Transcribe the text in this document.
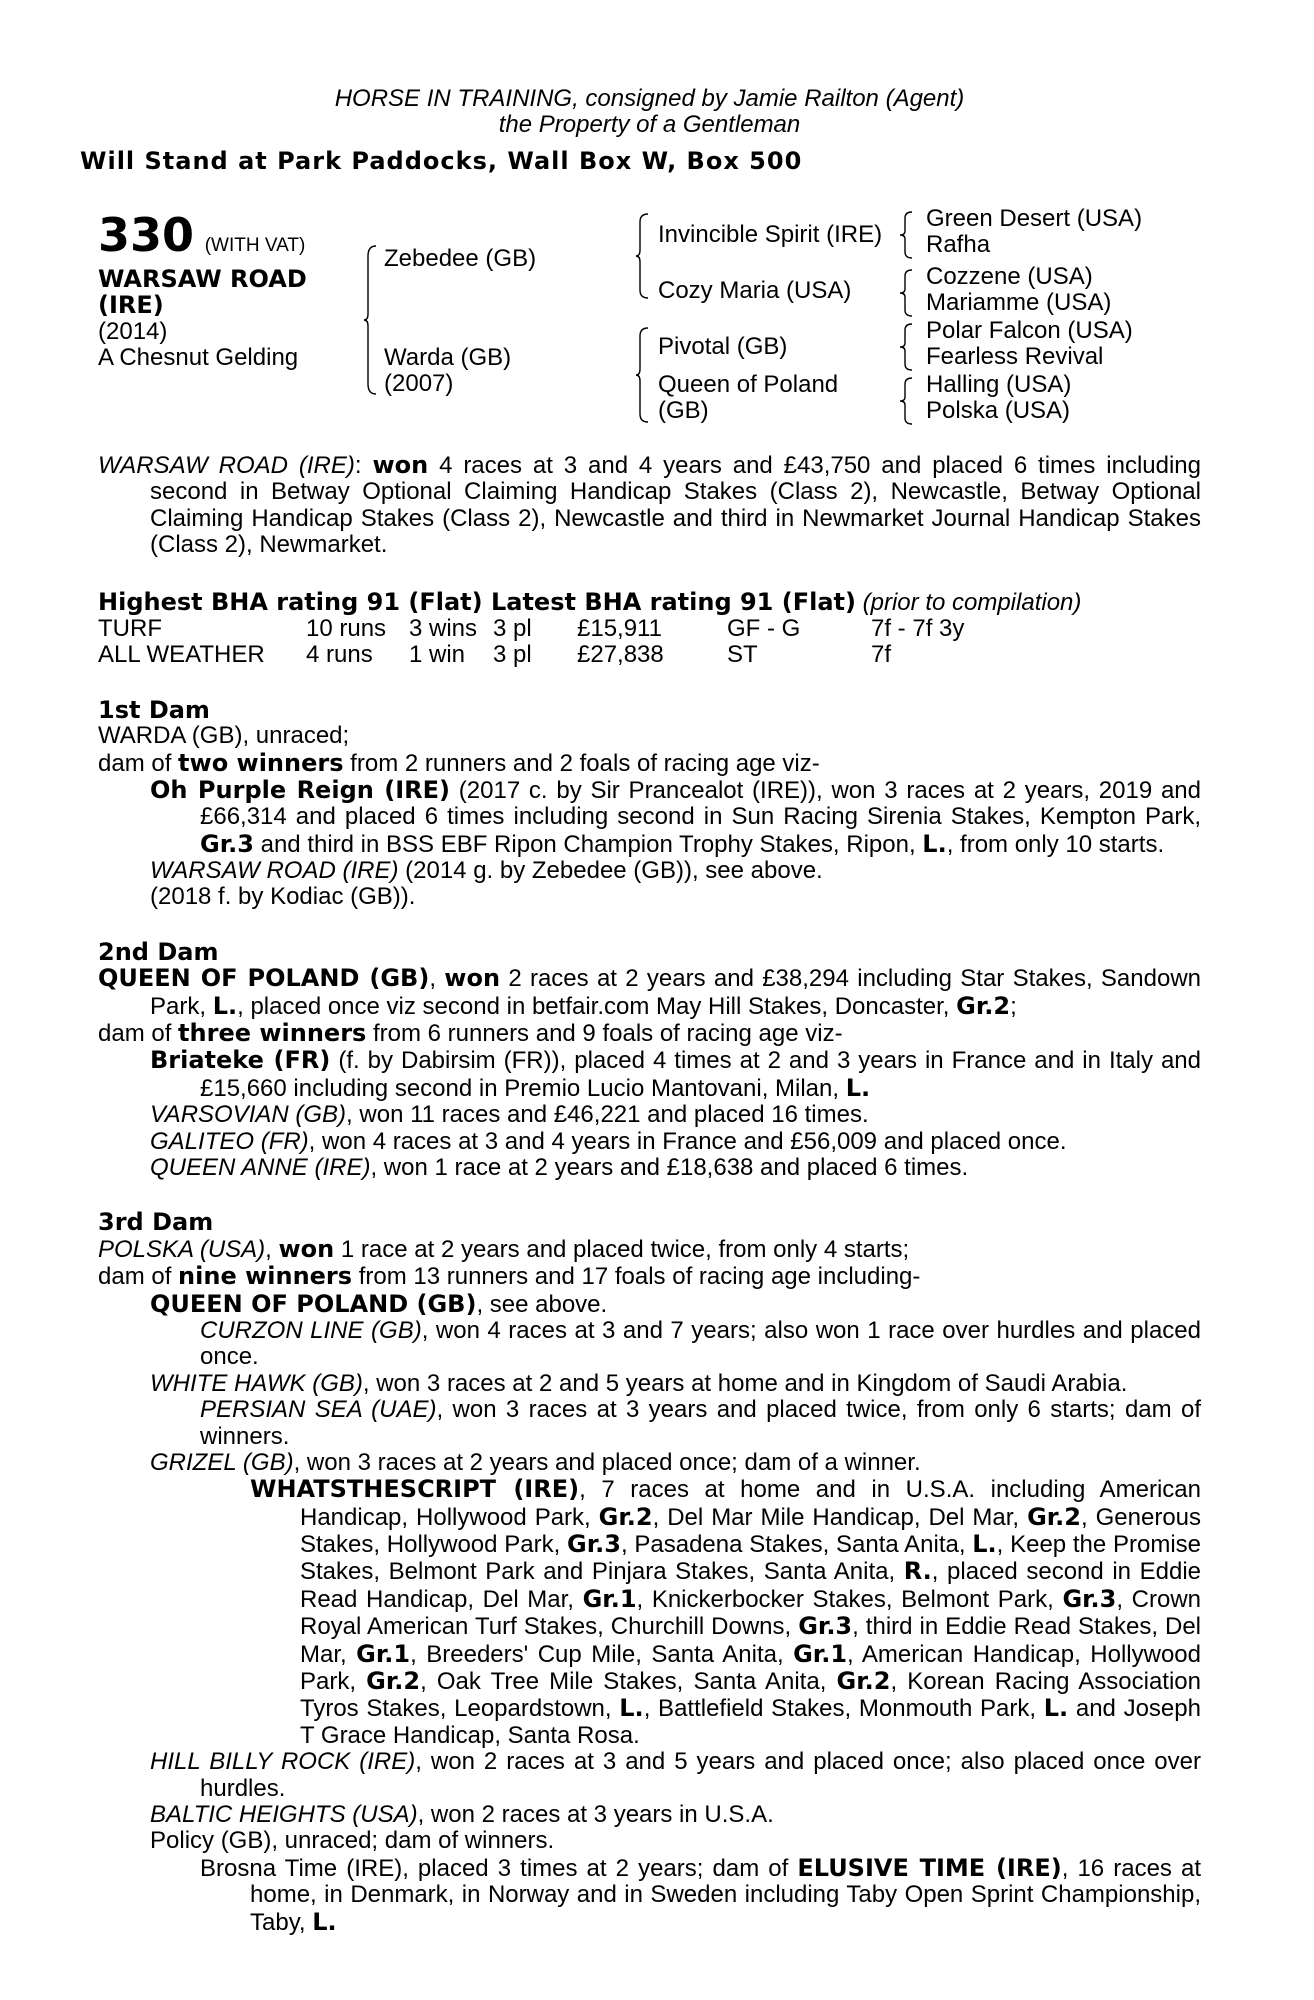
HORSE IN TRAINING, consigned by Jamie Railton (Agent)
the Property of a Gentleman
Will Stand at Park Paddocks, Wall Box W, Box 500
330 (WITH VAT)
WARSAW ROAD
(IRE)
(2014)
A Chesnut Gelding
Zebedee (GB)
Warda (GB)
(2007)
Invincible Spirit (IRE)
Cozy Maria (USA)
Pivotal (GB)
Queen of Poland
(GB)
Green Desert (USA)
Rafha
Cozzene (USA)
Mariamme (USA)
Polar Falcon (USA)
Fearless Revival
Halling (USA)
Polska (USA)
WARSAW ROAD (IRE): won 4 races at 3 and 4 years and £43,750 and placed 6 times including second in Betway Optional Claiming Handicap Stakes (Class 2), Newcastle, Betway Optional Claiming Handicap Stakes (Class 2), Newcastle and third in Newmarket Journal Handicap Stakes (Class 2), Newmarket.
Highest BHA rating 91 (Flat) Latest BHA rating 91 (Flat) (prior to compilation)
TURF	10 runs	3 wins	3 pl	£15,911	GF - G	7f - 7f 3y
ALL WEATHER	4 runs	1 win	3 pl	£27,838	ST	7f
1st Dam
WARDA (GB), unraced;
dam of two winners from 2 runners and 2 foals of racing age viz-
Oh Purple Reign (IRE) (2017 c. by Sir Prancealot (IRE)), won 3 races at 2 years, 2019 and £66,314 and placed 6 times including second in Sun Racing Sirenia Stakes, Kempton Park, Gr.3 and third in BSS EBF Ripon Champion Trophy Stakes, Ripon, L., from only 10 starts.
WARSAW ROAD (IRE) (2014 g. by Zebedee (GB)), see above.
(2018 f. by Kodiac (GB)).
2nd Dam
QUEEN OF POLAND (GB), won 2 races at 2 years and £38,294 including Star Stakes, Sandown Park, L., placed once viz second in betfair.com May Hill Stakes, Doncaster, Gr.2;
dam of three winners from 6 runners and 9 foals of racing age viz-
Briateke (FR) (f. by Dabirsim (FR)), placed 4 times at 2 and 3 years in France and in Italy and £15,660 including second in Premio Lucio Mantovani, Milan, L.
VARSOVIAN (GB), won 11 races and £46,221 and placed 16 times.
GALITEO (FR), won 4 races at 3 and 4 years in France and £56,009 and placed once.
QUEEN ANNE (IRE), won 1 race at 2 years and £18,638 and placed 6 times.
3rd Dam
POLSKA (USA), won 1 race at 2 years and placed twice, from only 4 starts;
dam of nine winners from 13 runners and 17 foals of racing age including-
QUEEN OF POLAND (GB), see above.
CURZON LINE (GB), won 4 races at 3 and 7 years; also won 1 race over hurdles and placed once.
WHITE HAWK (GB), won 3 races at 2 and 5 years at home and in Kingdom of Saudi Arabia.
PERSIAN SEA (UAE), won 3 races at 3 years and placed twice, from only 6 starts; dam of winners.
GRIZEL (GB), won 3 races at 2 years and placed once; dam of a winner.
WHATSTHESCRIPT (IRE), 7 races at home and in U.S.A. including American Handicap, Hollywood Park, Gr.2, Del Mar Mile Handicap, Del Mar, Gr.2, Generous Stakes, Hollywood Park, Gr.3, Pasadena Stakes, Santa Anita, L., Keep the Promise Stakes, Belmont Park and Pinjara Stakes, Santa Anita, R., placed second in Eddie Read Handicap, Del Mar, Gr.1, Knickerbocker Stakes, Belmont Park, Gr.3, Crown Royal American Turf Stakes, Churchill Downs, Gr.3, third in Eddie Read Stakes, Del Mar, Gr.1, Breeders' Cup Mile, Santa Anita, Gr.1, American Handicap, Hollywood Park, Gr.2, Oak Tree Mile Stakes, Santa Anita, Gr.2, Korean Racing Association Tyros Stakes, Leopardstown, L., Battlefield Stakes, Monmouth Park, L. and Joseph T Grace Handicap, Santa Rosa.
HILL BILLY ROCK (IRE), won 2 races at 3 and 5 years and placed once; also placed once over hurdles.
BALTIC HEIGHTS (USA), won 2 races at 3 years in U.S.A.
Policy (GB), unraced; dam of winners.
Brosna Time (IRE), placed 3 times at 2 years; dam of ELUSIVE TIME (IRE), 16 races at home, in Denmark, in Norway and in Sweden including Taby Open Sprint Championship, Taby, L.
